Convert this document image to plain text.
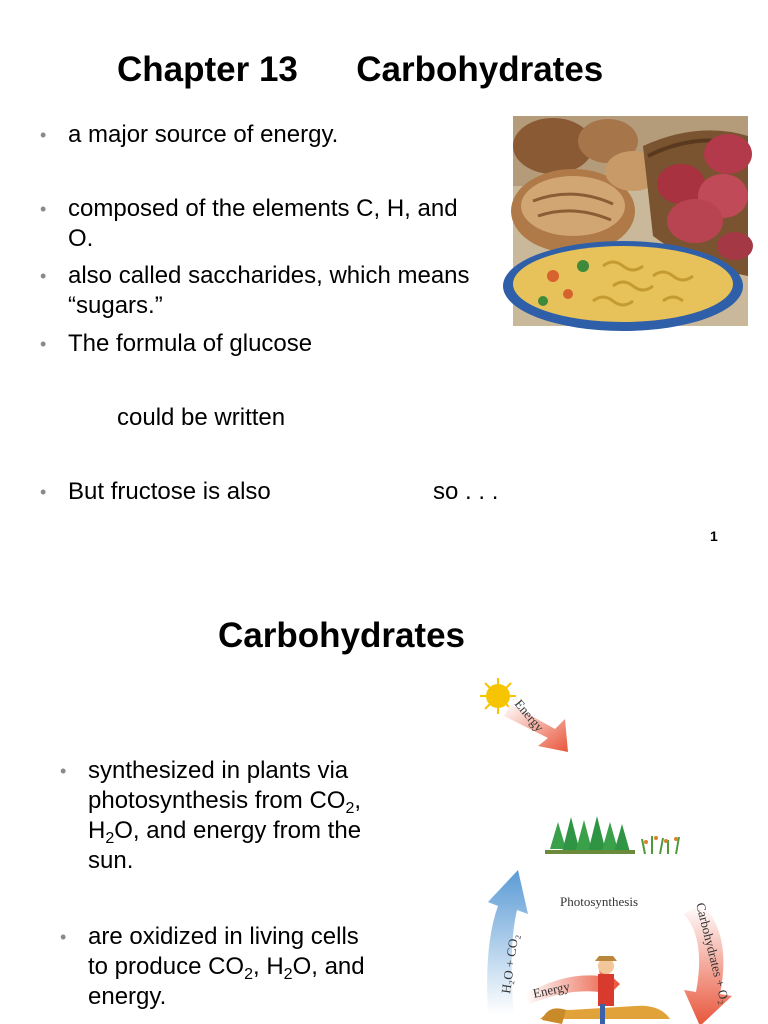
Chapter 13      Carbohydrates
• a major source of energy.
• composed of the elements C, H, and
O.
• also called saccharides, which means
“sugars.”
• The formula of glucose
could be written
• But fructose is also	so . . .
1
Carbohydrates
• synthesized in plants via
photosynthesis from $CO_2$,
$H_2O$, and energy from the
sun.
• are oxidized in living cells
to produce $CO_2$, $H_2O$, and
energy.
Energy
Photosynthesis
H₂O + CO₂	Carbohydrates + O₂
Energy
